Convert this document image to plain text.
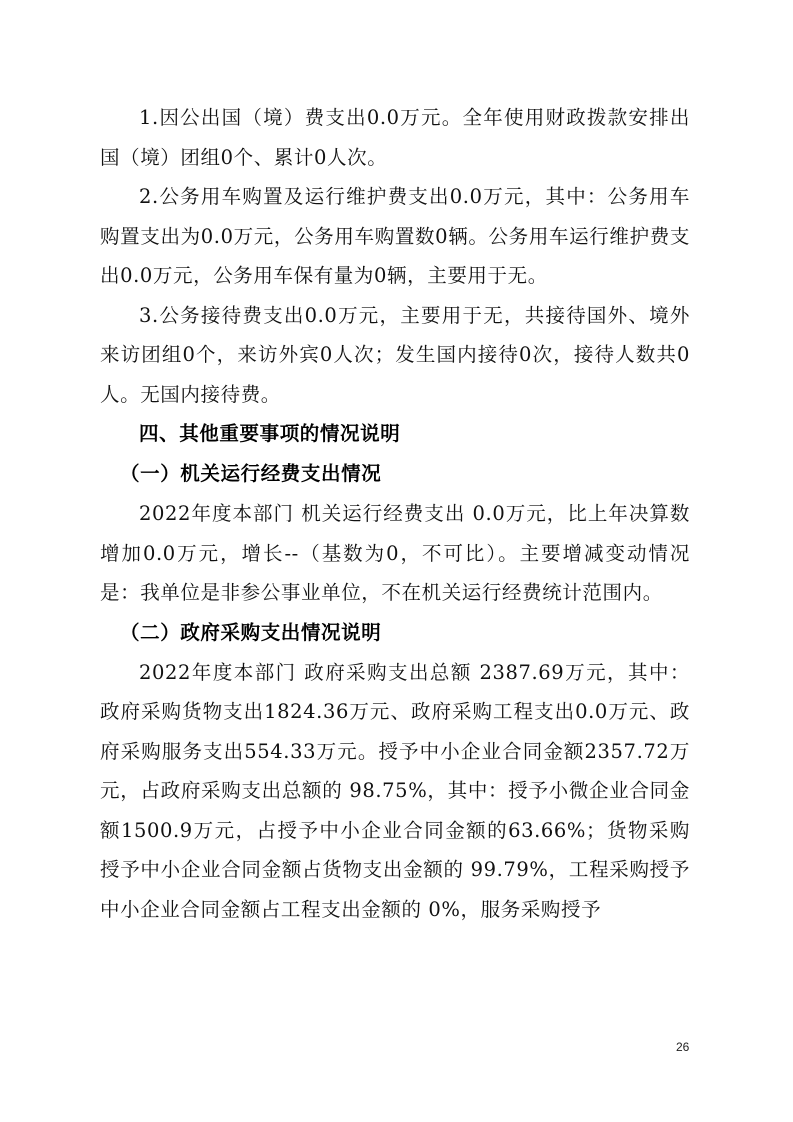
1.因公出国（境）费支出0.0万元。全年使用财政拨款安排出国（境）团组0个、累计0人次。

2.公务用车购置及运行维护费支出0.0万元，其中：公务用车购置支出为0.0万元，公务用车购置数0辆。公务用车运行维护费支出0.0万元，公务用车保有量为0辆，主要用于无。

3.公务接待费支出0.0万元，主要用于无，共接待国外、境外来访团组0个，来访外宾0人次；发生国内接待0次，接待人数共0人。无国内接待费。

四、其他重要事项的情况说明

（一）机关运行经费支出情况

2022年度本部门 机关运行经费支出 0.0万元，比上年决算数增加0.0万元，增长--（基数为0，不可比）。主要增减变动情况是：我单位是非参公事业单位，不在机关运行经费统计范围内。

（二）政府采购支出情况说明

2022年度本部门 政府采购支出总额 2387.69万元，其中：政府采购货物支出1824.36万元、政府采购工程支出0.0万元、政府采购服务支出554.33万元。授予中小企业合同金额2357.72万元，占政府采购支出总额的 98.75%，其中：授予小微企业合同金额1500.9万元，占授予中小企业合同金额的63.66%；货物采购授予中小企业合同金额占货物支出金额的 99.79%，工程采购授予中小企业合同金额占工程支出金额的 0%，服务采购授予

26
